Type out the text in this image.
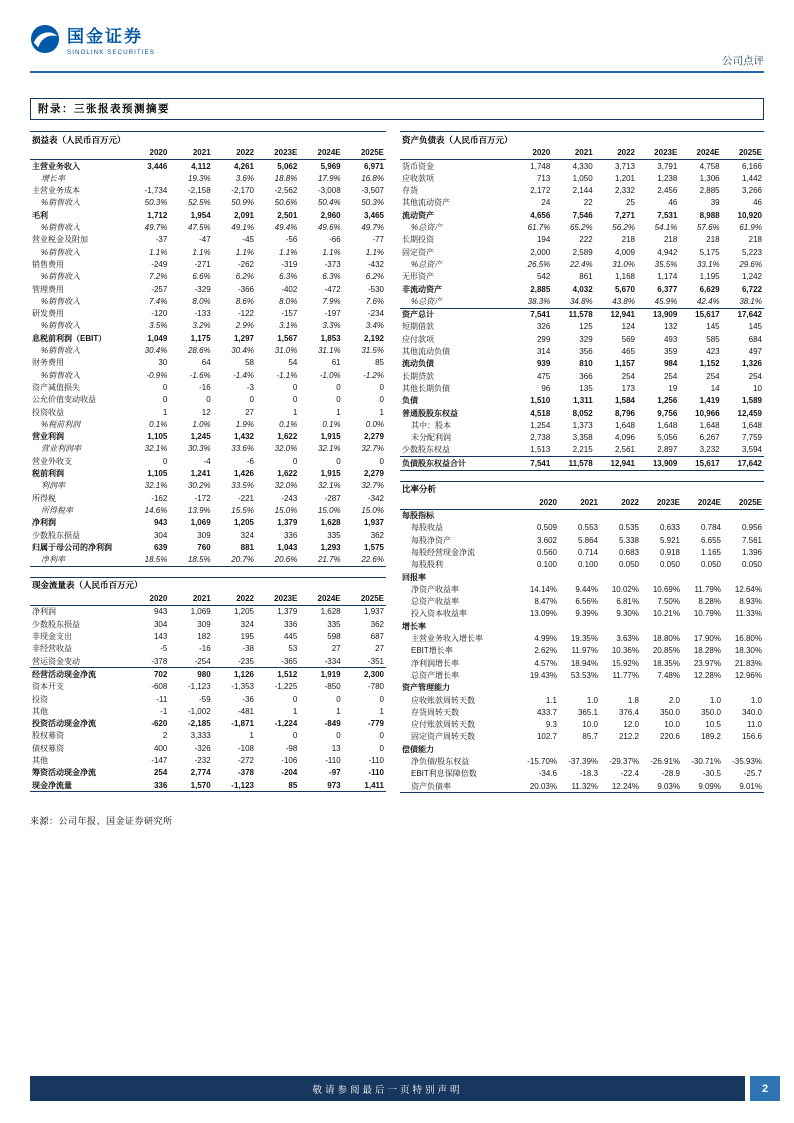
国金证券
SINOLINK SECURITIES
公司点评
附录：三张报表预测摘要
损益表（人民币百万元）						
	2020	2021	2022	2023E	2024E	2025E
主营业务收入	3,446	4,112	4,261	5,062	5,969	6,971
增长率		19.3%	3.6%	18.8%	17.9%	16.8%
主营业务成本	-1,734	-2,158	-2,170	-2,562	-3,008	-3,507
%销售收入	50.3%	52.5%	50.9%	50.6%	50.4%	50.3%
毛利	1,712	1,954	2,091	2,501	2,960	3,465
%销售收入	49.7%	47.5%	49.1%	49.4%	49.6%	49.7%
营业税金及附加	-37	-47	-45	-56	-66	-77
%销售收入	1.1%	1.1%	1.1%	1.1%	1.1%	1.1%
销售费用	-249	-271	-262	-319	-373	-432
%销售收入	7.2%	6.6%	6.2%	6.3%	6.3%	6.2%
管理费用	-257	-329	-366	-402	-472	-530
%销售收入	7.4%	8.0%	8.6%	8.0%	7.9%	7.6%
研发费用	-120	-133	-122	-157	-197	-234
%销售收入	3.5%	3.2%	2.9%	3.1%	3.3%	3.4%
息税前利润（EBIT）	1,049	1,175	1,297	1,567	1,853	2,192
%销售收入	30.4%	28.6%	30.4%	31.0%	31.1%	31.5%
财务费用	30	64	58	54	61	85
%销售收入	-0.9%	-1.6%	-1.4%	-1.1%	-1.0%	-1.2%
资产减值损失	0	-16	-3	0	0	0
公允价值变动收益	0	0	0	0	0	0
投资收益	1	12	27	1	1	1
%税前利润	0.1%	1.0%	1.9%	0.1%	0.1%	0.0%
营业利润	1,105	1,245	1,432	1,622	1,915	2,279
营业利润率	32.1%	30.3%	33.6%	32.0%	32.1%	32.7%
营业外收支	0	-4	-6	0	0	0
税前利润	1,105	1,241	1,426	1,622	1,915	2,279
利润率	32.1%	30.2%	33.5%	32.0%	32.1%	32.7%
所得税	-162	-172	-221	-243	-287	-342
所得税率	14.6%	13.9%	15.5%	15.0%	15.0%	15.0%
净利润	943	1,069	1,205	1,379	1,628	1,937
少数股东损益	304	309	324	336	335	362
归属于母公司的净利润	639	760	881	1,043	1,293	1,575
净利率	18.5%	18.5%	20.7%	20.6%	21.7%	22.6%
现金流量表（人民币百万元）						
	2020	2021	2022	2023E	2024E	2025E
净利润	943	1,069	1,205	1,379	1,628	1,937
少数股东损益	304	309	324	336	335	362
非现金支出	143	182	195	445	598	687
非经营收益	-5	-16	-38	53	27	27
营运资金变动	-378	-254	-235	-365	-334	-351
经营活动现金净流	702	980	1,126	1,512	1,919	2,300
资本开支	-608	-1,123	-1,353	-1,225	-850	-780
投资	-11	-59	-36	0	0	0
其他	-1	-1,002	-481	1	1	1
投资活动现金净流	-620	-2,185	-1,871	-1,224	-849	-779
股权募资	2	3,333	1	0	0	0
债权募资	400	-326	-108	-98	13	0
其他	-147	-232	-272	-106	-110	-110
筹资活动现金净流	254	2,774	-378	-204	-97	-110
现金净流量	336	1,570	-1,123	85	973	1,411
来源：公司年报、国金证券研究所
资产负债表（人民币百万元）						
	2020	2021	2022	2023E	2024E	2025E
货币资金	1,748	4,330	3,713	3,791	4,758	6,166
应收款项	713	1,050	1,201	1,238	1,306	1,442
存货	2,172	2,144	2,332	2,456	2,885	3,266
其他流动资产	24	22	25	46	39	46
流动资产	4,656	7,546	7,271	7,531	8,988	10,920
%总资产	61.7%	65.2%	56.2%	54.1%	57.6%	61.9%
长期投资	194	222	218	218	218	218
固定资产	2,000	2,589	4,009	4,942	5,175	5,223
%总资产	26.5%	22.4%	31.0%	35.5%	33.1%	29.6%
无形资产	542	861	1,168	1,174	1,195	1,242
非流动资产	2,885	4,032	5,670	6,377	6,629	6,722
%总资产	38.3%	34.8%	43.8%	45.9%	42.4%	38.1%
资产总计	7,541	11,578	12,941	13,909	15,617	17,642
短期借款	326	125	124	132	145	145
应付款项	299	329	569	493	585	684
其他流动负债	314	356	465	359	423	497
流动负债	939	810	1,157	984	1,152	1,326
长期贷款	475	366	254	254	254	254
其他长期负债	96	135	173	19	14	10
负债	1,510	1,311	1,584	1,256	1,419	1,589
普通股股东权益	4,518	8,052	8,796	9,756	10,966	12,459
其中：股本	1,254	1,373	1,648	1,648	1,648	1,648
未分配利润	2,738	3,358	4,096	5,056	6,267	7,759
少数股东权益	1,513	2,215	2,561	2,897	3,232	3,594
负债股东权益合计	7,541	11,578	12,941	13,909	15,617	17,642
比率分析						
	2020	2021	2022	2023E	2024E	2025E
每股指标						
每股收益	0.509	0.553	0.535	0.633	0.784	0.956
每股净资产	3.602	5.864	5.338	5.921	6.655	7.561
每股经营现金净流	0.560	0.714	0.683	0.918	1.165	1.396
每股股利	0.100	0.100	0.050	0.050	0.050	0.050
回报率						
净资产收益率	14.14%	9.44%	10.02%	10.69%	11.79%	12.64%
总资产收益率	8.47%	6.56%	6.81%	7.50%	8.28%	8.93%
投入资本收益率	13.09%	9.39%	9.30%	10.21%	10.79%	11.33%
增长率						
主营业务收入增长率	4.99%	19.35%	3.63%	18.80%	17.90%	16.80%
EBIT增长率	2.62%	11.97%	10.36%	20.85%	18.28%	18.30%
净利润增长率	4.57%	18.94%	15.92%	18.35%	23.97%	21.83%
总资产增长率	19.43%	53.53%	11.77%	7.48%	12.28%	12.96%
资产管理能力						
应收账款周转天数	1.1	1.0	1.8	2.0	1.0	1.0
存货周转天数	433.7	365.1	376.4	350.0	350.0	340.0
应付账款周转天数	9.3	10.0	12.0	10.0	10.5	11.0
固定资产周转天数	102.7	85.7	212.2	220.6	189.2	156.6
偿债能力						
净负债/股东权益	-15.70%	-37.39%	-29.37%	-26.91%	-30.71%	-35.93%
EBIT利息保障倍数	-34.6	-18.3	-22.4	-28.9	-30.5	-25.7
资产负债率	20.03%	11.32%	12.24%	9.03%	9.09%	9.01%
敬请参阅最后一页特别声明	2
